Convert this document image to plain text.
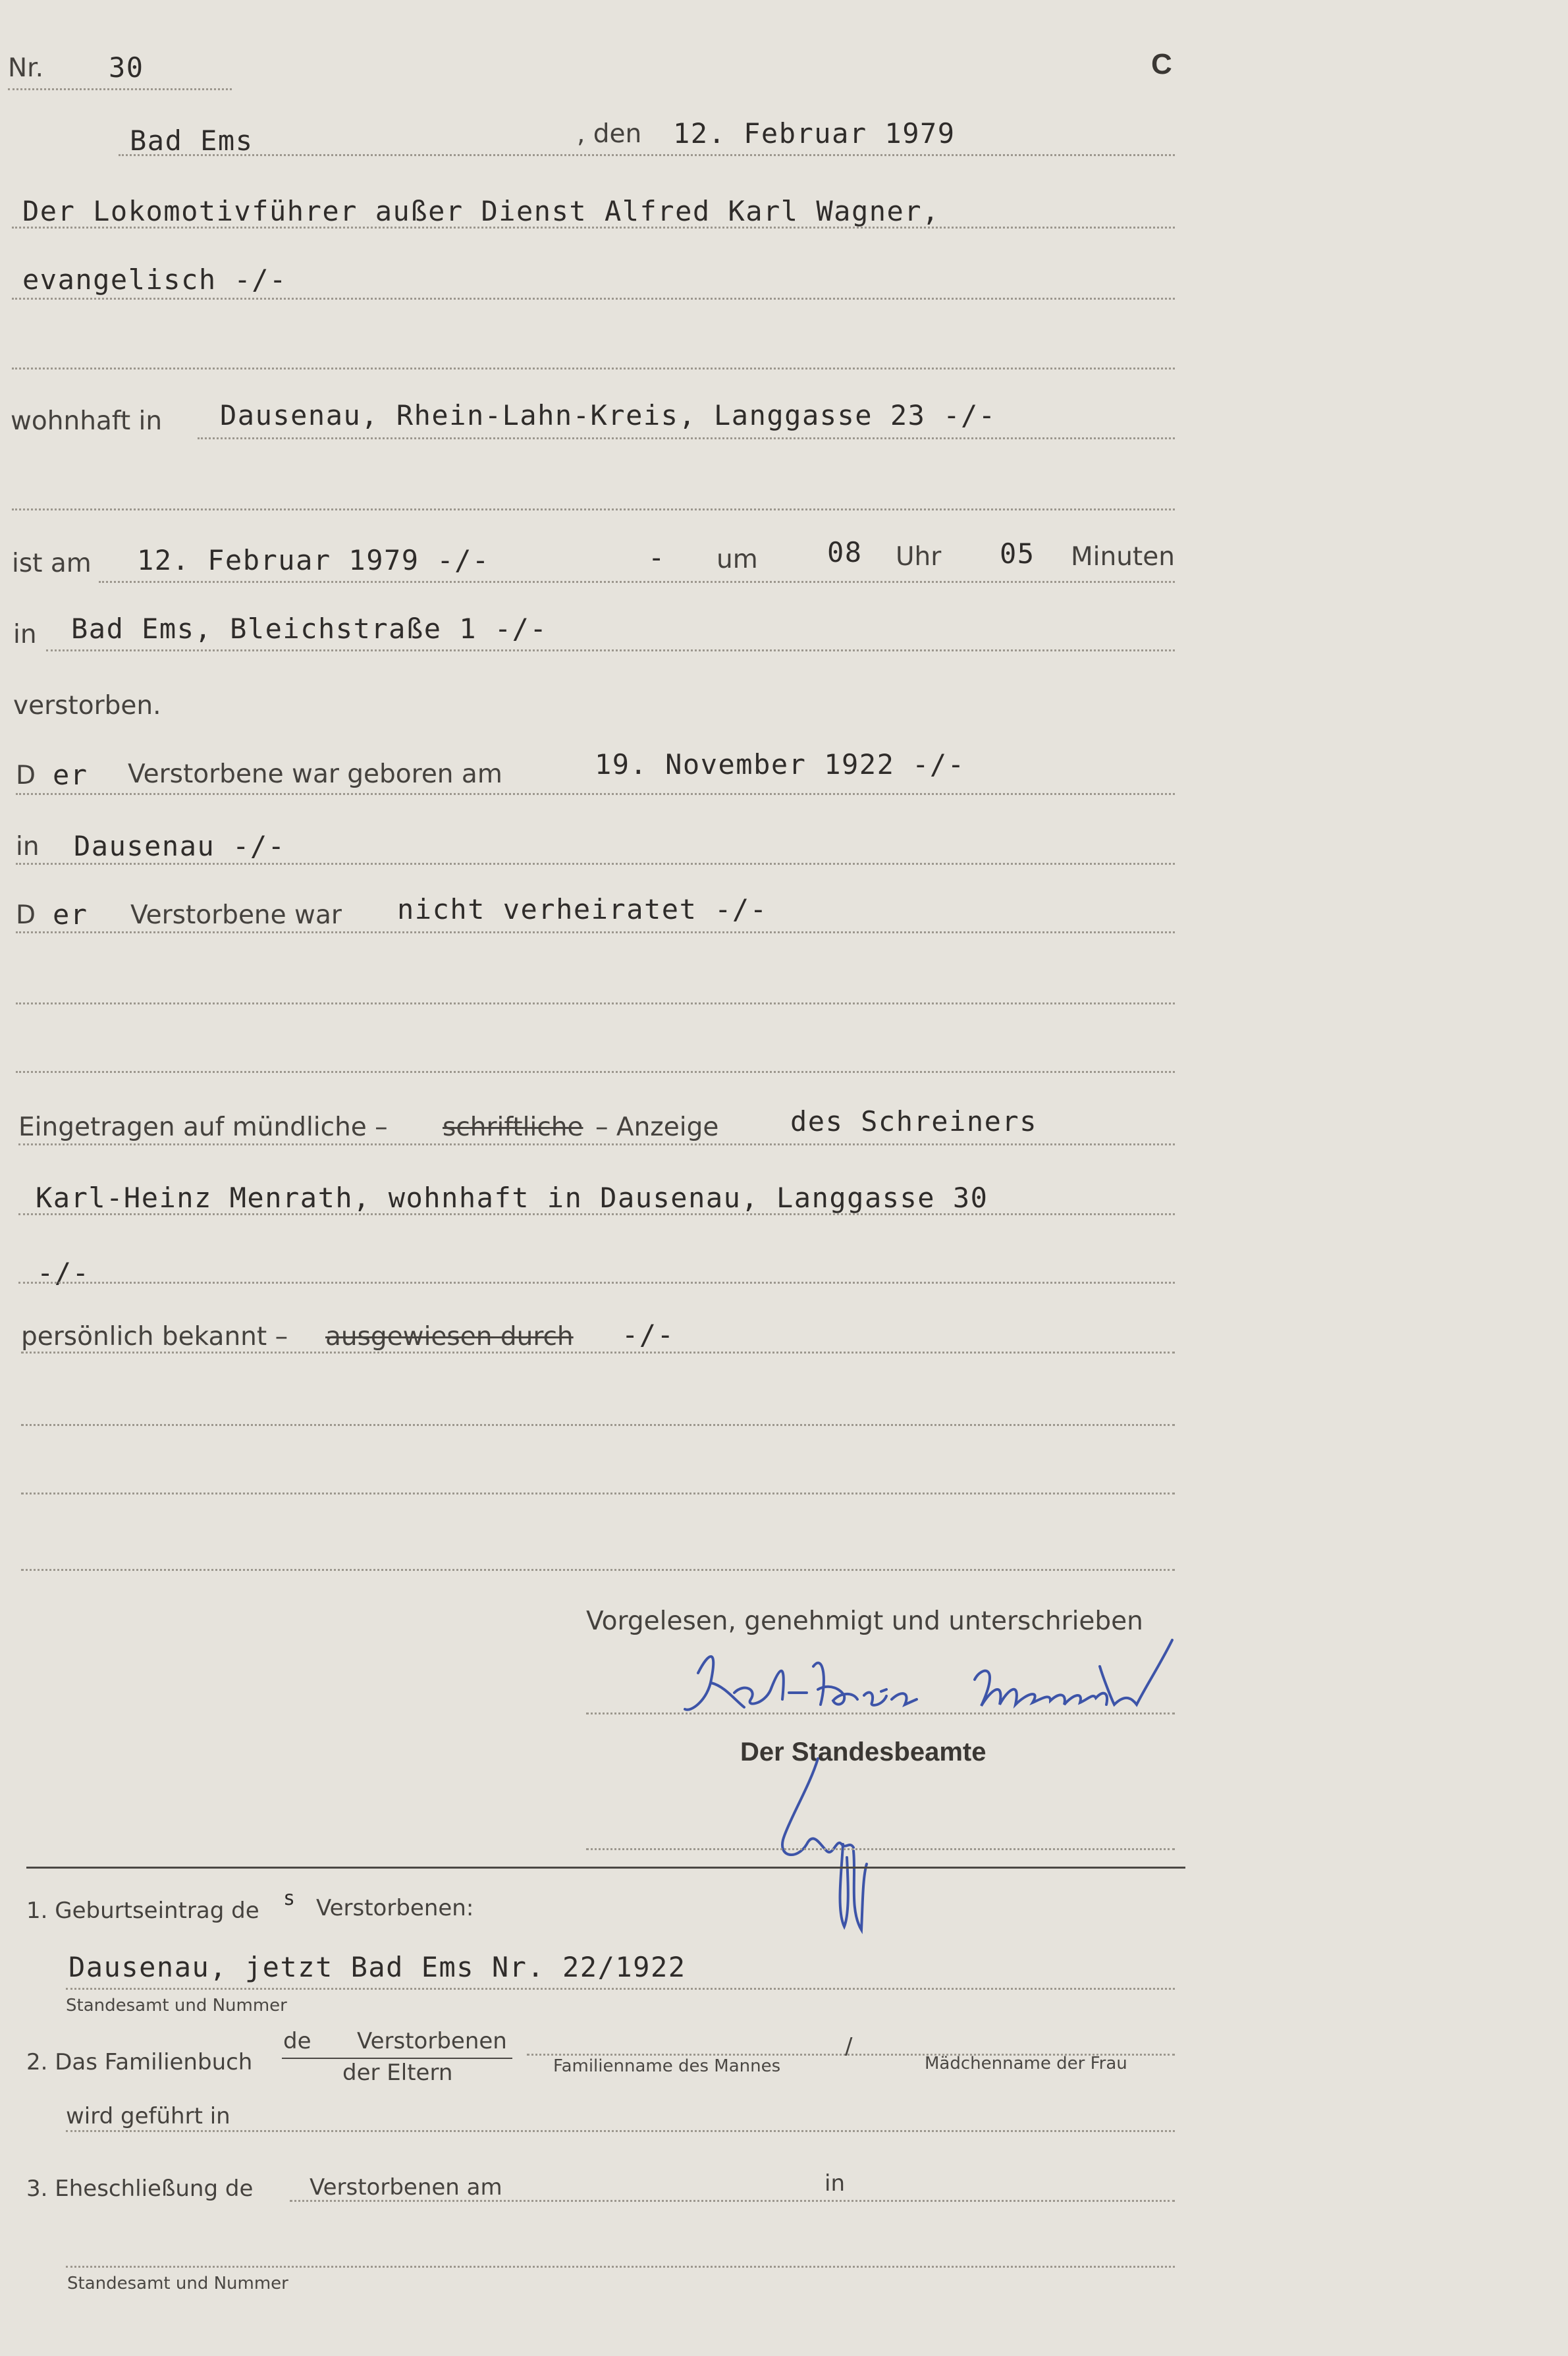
Nr. 30	C
Bad Ems	, den 12. Februar 1979
Der Lokomotivführer außer Dienst Alfred Karl Wagner,
evangelisch -/-
wohnhaft in Dausenau, Rhein-Lahn-Kreis, Langgasse 23 -/-
ist am 12. Februar 1979 -/-	- um	08 Uhr 05 Minuten
in Bad Ems, Bleichstraße 1 -/-
verstorben.
D er Verstorbene war geboren am	19. November 1922 -/-
in Dausenau -/-
D er Verstorbene war nicht verheiratet -/-
Eingetragen auf mündliche – schriftliche – Anzeige	des Schreiners
Karl-Heinz Menrath, wohnhaft in Dausenau, Langgasse 30
-/-
persönlich bekannt – ausgewiesen durch -/-
Vorgelesen, genehmigt und unterschrieben
Der Standesbeamte
1. Geburtseintrag de s Verstorbenen:
Dausenau, jetzt Bad Ems Nr. 22/1922
Standesamt und Nummer
2. Das Familienbuch
de Verstorbenen
der Eltern	Familienname des Mannes
/
Mädchenname der Frau
wird geführt in
3. Eheschließung de	Verstorbenen am	in
Standesamt und Nummer
